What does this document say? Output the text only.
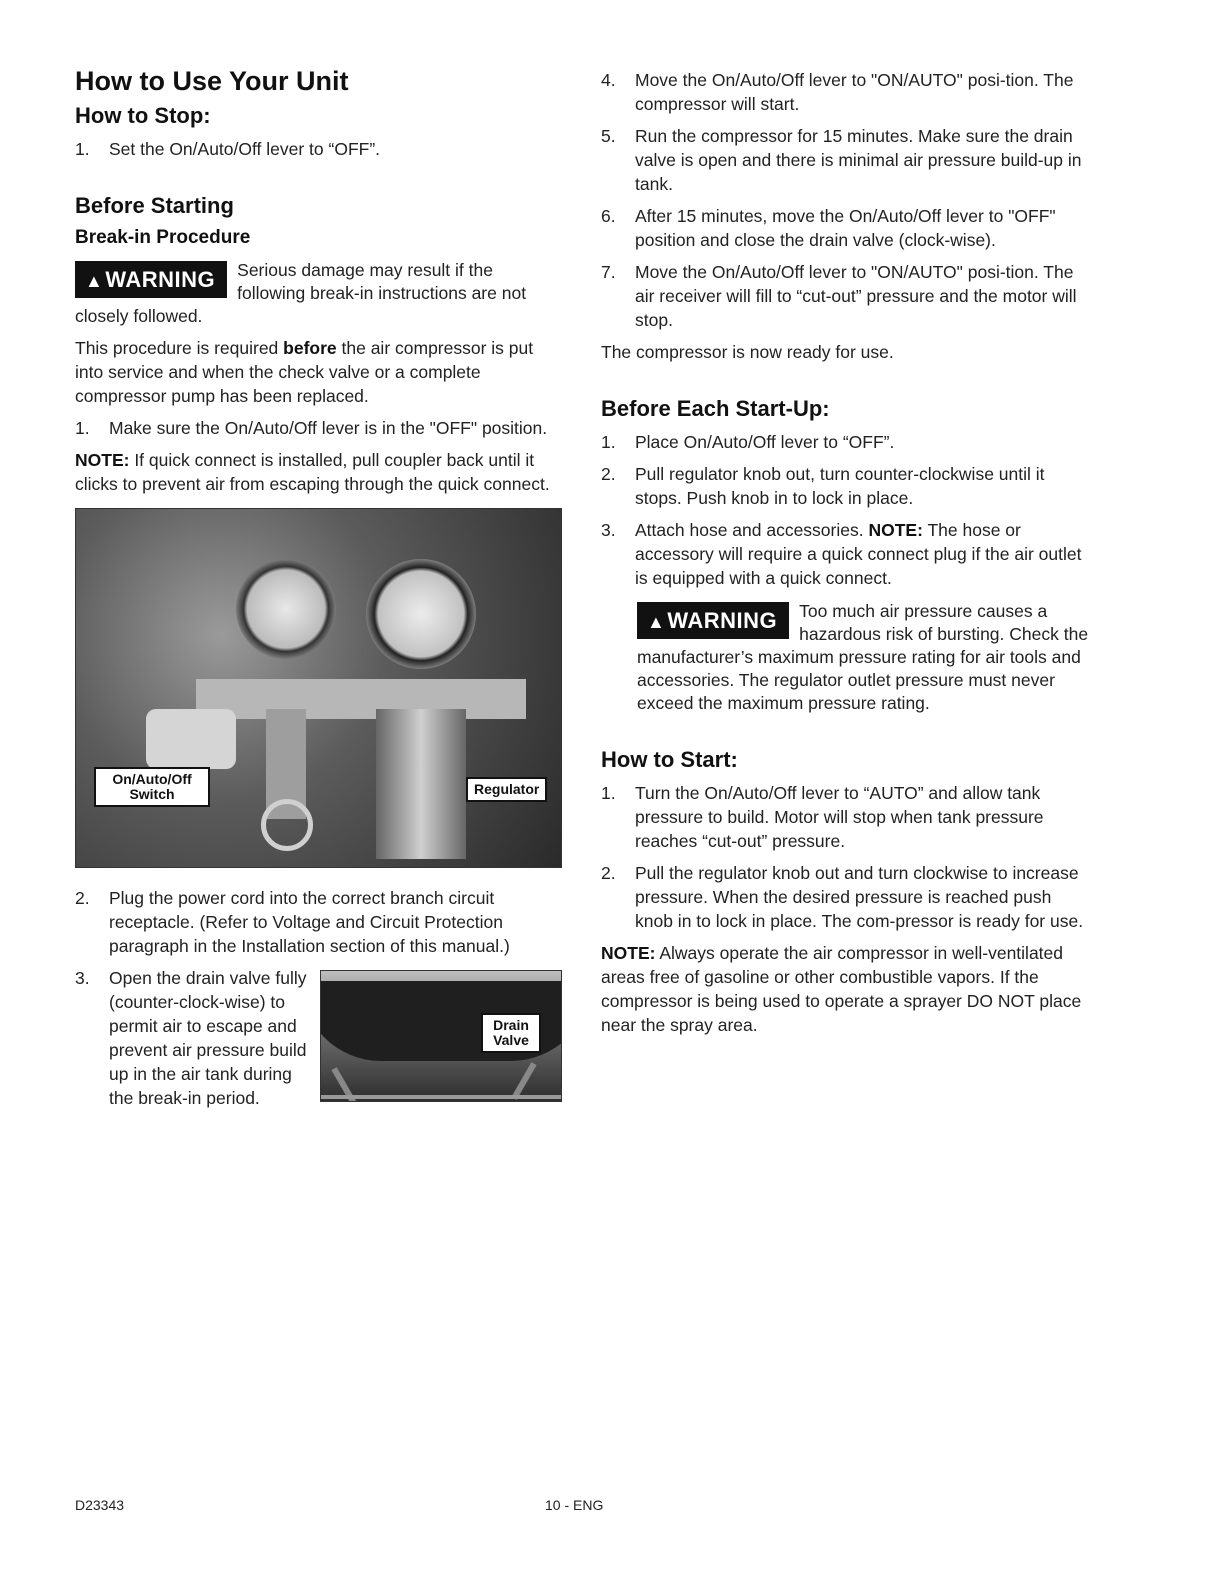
How to Use Your Unit
How to Stop:
1. Set the On/Auto/Off lever to “OFF”.
Before Starting
Break-in Procedure
▲WARNING	Serious damage may result if the following break-in instructions are not closely followed.

This procedure is required before the air compressor is put into service and when the check valve or a complete compressor pump has been replaced.

1. Make sure the On/Auto/Off lever is in the "OFF" position.

NOTE: If quick connect is installed, pull coupler back until it clicks to prevent air from escaping through the quick connect.

On/Auto/Off Switch	Regulator
2. Plug the power cord into the correct branch circuit receptacle. (Refer to Voltage and Circuit Protection paragraph in the Installation section of this manual.)
3. Open the drain valve fully (counter-clock-wise) to permit air to escape and prevent air pressure build up in the air tank during the break-in period.
Drain Valve
4. Move the On/Auto/Off lever to "ON/AUTO" posi-tion. The compressor will start.
5. Run the compressor for 15 minutes. Make sure the drain valve is open and there is minimal air pressure build-up in tank.
6. After 15 minutes, move the On/Auto/Off lever to "OFF" position and close the drain valve (clock-wise).
7. Move the On/Auto/Off lever to "ON/AUTO" posi-tion. The air receiver will fill to “cut-out” pressure and the motor will stop.

The compressor is now ready for use.

Before Each Start-Up:
1. Place On/Auto/Off lever to “OFF”.
2. Pull regulator knob out, turn counter-clockwise until it stops. Push knob in to lock in place.
3. Attach hose and accessories. NOTE: The hose or accessory will require a quick connect plug if the air outlet is equipped with a quick connect.
▲WARNING	Too much air pressure causes a hazardous risk of bursting. Check the manufacturer’s maximum pressure rating for air tools and accessories. The regulator outlet pressure must never exceed the maximum pressure rating.

How to Start:
1. Turn the On/Auto/Off lever to “AUTO” and allow tank pressure to build. Motor will stop when tank pressure reaches “cut-out” pressure.
2. Pull the regulator knob out and turn clockwise to increase pressure. When the desired pressure is reached push knob in to lock in place. The com-pressor is ready for use.

NOTE: Always operate the air compressor in well-ventilated areas free of gasoline or other combustible vapors. If the compressor is being used to operate a sprayer DO NOT place near the spray area.

D23343	10 - ENG
